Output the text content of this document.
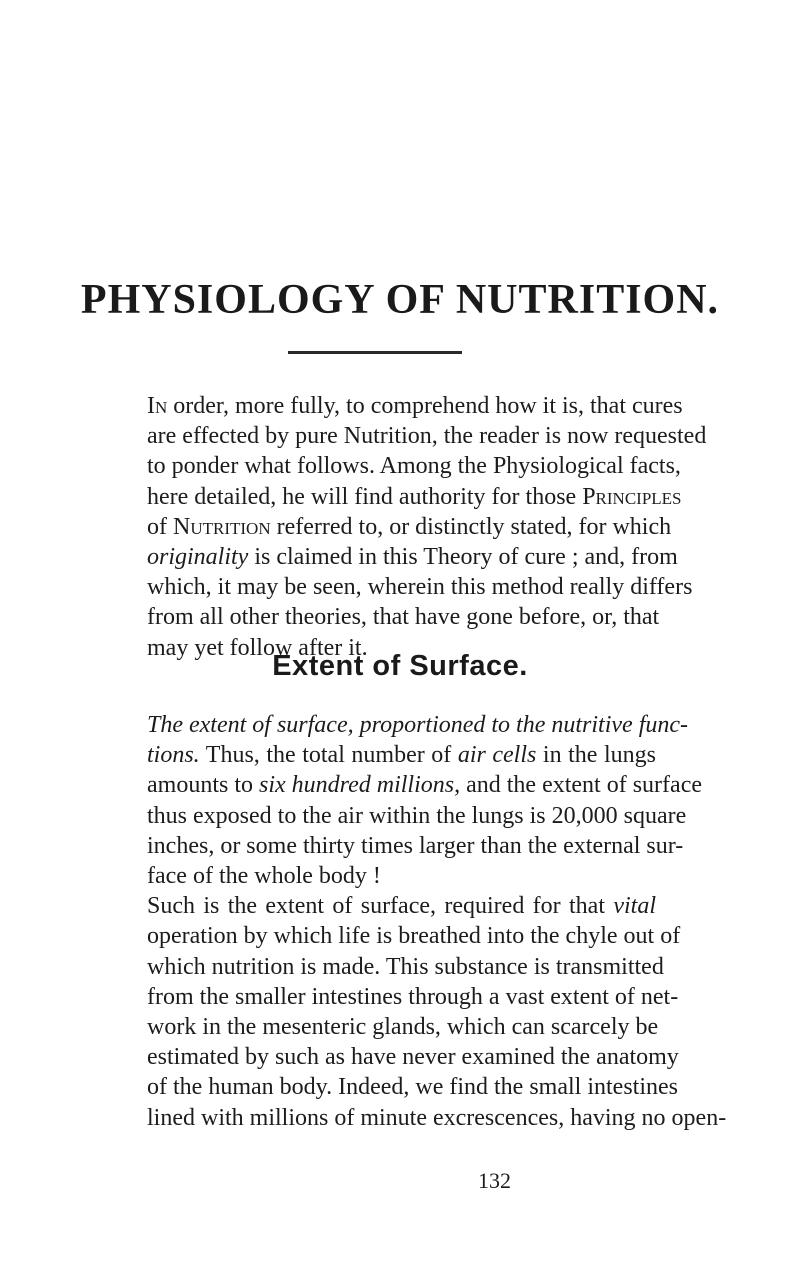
PHYSIOLOGY OF NUTRITION.
In order, more fully, to comprehend how it is, that cures
are effected by pure Nutrition, the reader is now requested
to ponder what follows. Among the Physiological facts,
here detailed, he will find authority for those Principles
of Nutrition referred to, or distinctly stated, for which
originality is claimed in this Theory of cure ; and, from
which, it may be seen, wherein this method really differs
from all other theories, that have gone before, or, that
may yet follow after it.
Extent of Surface.
The extent of surface, proportioned to the nutritive func-
tions. Thus, the total number of air cells in the lungs
amounts to six hundred millions, and the extent of surface
thus exposed to the air within the lungs is 20,000 square
inches, or some thirty times larger than the external sur-
face of the whole body !
Such is the extent of surface, required for that vital
operation by which life is breathed into the chyle out of
which nutrition is made. This substance is transmitted
from the smaller intestines through a vast extent of net-
work in the mesenteric glands, which can scarcely be
estimated by such as have never examined the anatomy
of the human body. Indeed, we find the small intestines
lined with millions of minute excrescences, having no open-
132
